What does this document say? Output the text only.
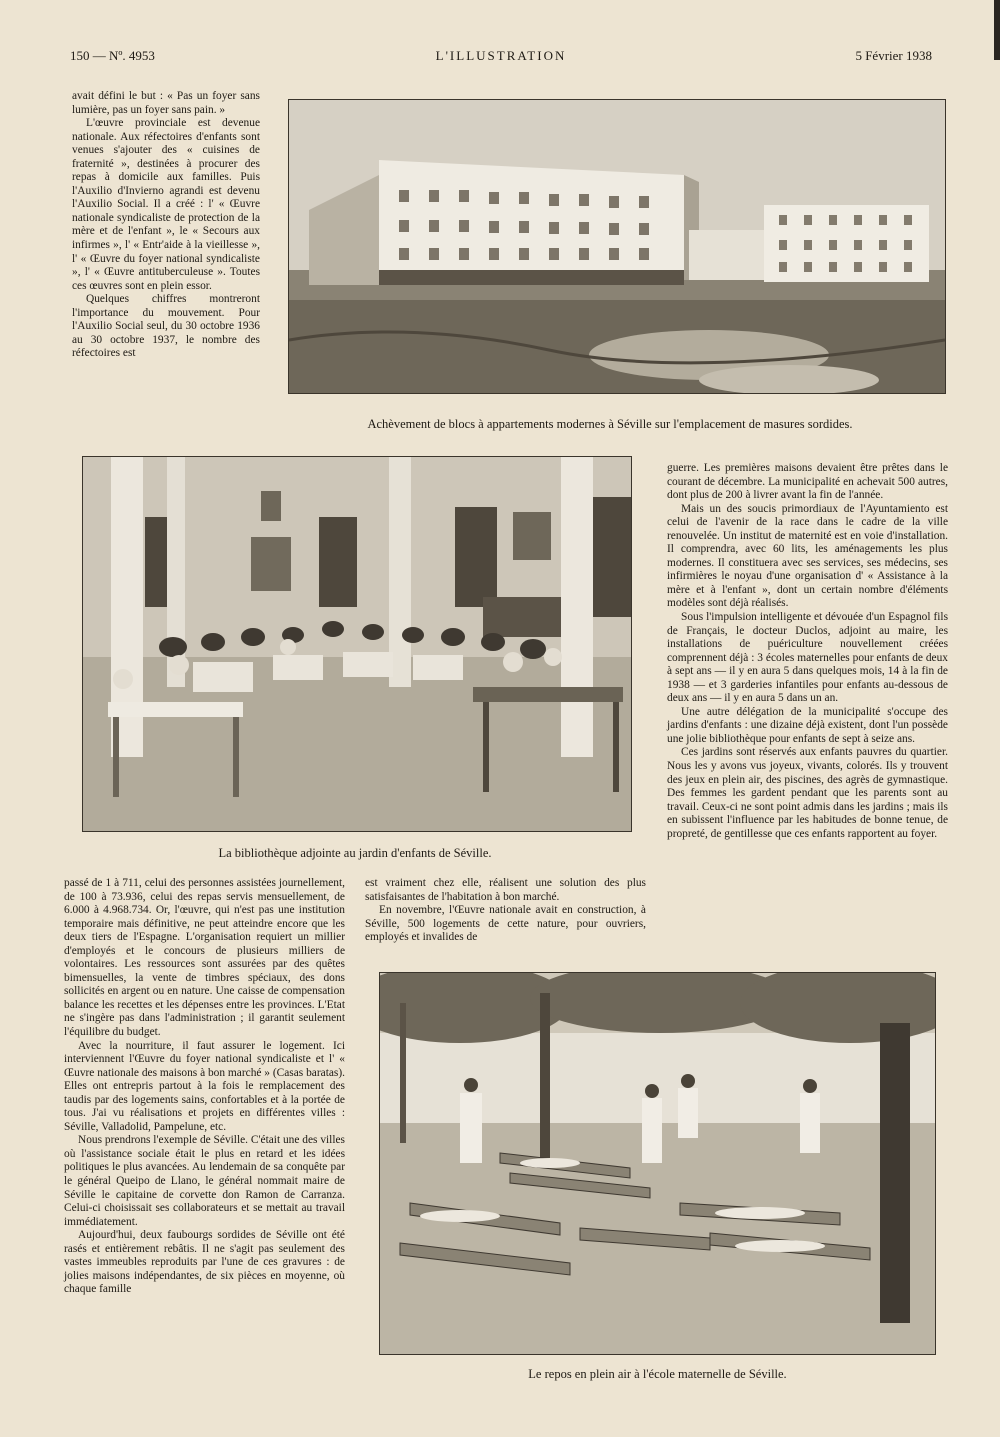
150 — Nº. 4953	L'ILLUSTRATION	5 Février 1938

avait défini le but : « Pas un foyer sans lumière, pas un foyer sans pain. »

L'œuvre provinciale est devenue nationale. Aux réfectoires d'enfants sont venues s'ajouter des « cuisines de fraternité », destinées à procurer des repas à domicile aux familles. Puis l'Auxilio d'Invierno agrandi est devenu l'Auxilio Social. Il a créé : l' « Œuvre nationale syndicaliste de protection de la mère et de l'enfant », le « Secours aux infirmes », l' « Entr'aide à la vieillesse », l' « Œuvre du foyer national syndicaliste », l' « Œuvre antituberculeuse ». Toutes ces œuvres sont en plein essor.

Quelques chiffres montreront l'importance du mouvement. Pour l'Auxilio Social seul, du 30 octobre 1936 au 30 octobre 1937, le nombre des réfectoires est

Achèvement de blocs à appartements modernes à Séville sur l'emplacement de masures sordides.
La bibliothèque adjointe au jardin d'enfants de Séville.

guerre. Les premières maisons devaient être prêtes dans le courant de décembre. La municipalité en achevait 500 autres, dont plus de 200 à livrer avant la fin de l'année.

Mais un des soucis primordiaux de l'Ayuntamiento est celui de l'avenir de la race dans le cadre de la ville renouvelée. Un institut de maternité est en voie d'installation. Il comprendra, avec 60 lits, les aménagements les plus modernes. Il constituera avec ses services, ses médecins, ses infirmières le noyau d'une organisation d' « Assistance à la mère et à l'enfant », dont un certain nombre d'éléments modèles sont déjà réalisés.

Sous l'impulsion intelligente et dévouée d'un Espagnol fils de Français, le docteur Duclos, adjoint au maire, les installations de puériculture nouvellement créées comprennent déjà : 3 écoles maternelles pour enfants de deux à sept ans — il y en aura 5 dans quelques mois, 14 à la fin de 1938 — et 3 garderies infantiles pour enfants au-dessous de deux ans — il y en aura 5 dans un an.

Une autre délégation de la municipalité s'occupe des jardins d'enfants : une dizaine déjà existent, dont l'un possède une jolie bibliothèque pour enfants de sept à seize ans.

Ces jardins sont réservés aux enfants pauvres du quartier. Nous les y avons vus joyeux, vivants, colorés. Ils y trouvent des jeux en plein air, des piscines, des agrès de gymnastique. Des femmes les gardent pendant que les parents sont au travail. Ceux-ci ne sont point admis dans les jardins ; mais ils en subissent l'influence par les habitudes de bonne tenue, de propreté, de gentillesse que ces enfants rapportent au foyer.

passé de 1 à 711, celui des personnes assistées journellement, de 100 à 73.936, celui des repas servis mensuellement, de 6.000 à 4.968.734. Or, l'œuvre, qui n'est pas une institution temporaire mais définitive, ne peut atteindre encore que les deux tiers de l'Espagne. L'organisation requiert un millier d'employés et le concours de plusieurs milliers de volontaires. Les ressources sont assurées par des quêtes bimensuelles, la vente de timbres spéciaux, des dons sollicités en argent ou en nature. Une caisse de compensation balance les recettes et les dépenses entre les provinces. L'Etat ne s'ingère pas dans l'administration ; il garantit seulement l'équilibre du budget.

Avec la nourriture, il faut assurer le logement. Ici interviennent l'Œuvre du foyer national syndicaliste et l' « Œuvre nationale des maisons à bon marché » (Casas baratas). Elles ont entrepris partout à la fois le remplacement des taudis par des logements sains, confortables et à la portée de tous. J'ai vu réalisations et projets en différentes villes : Séville, Valladolid, Pampelune, etc.

Nous prendrons l'exemple de Séville. C'était une des villes où l'assistance sociale était le plus en retard et les idées politiques le plus avancées. Au lendemain de sa conquête par le général Queipo de Llano, le général nommait maire de Séville le capitaine de corvette don Ramon de Carranza. Celui-ci choisissait ses collaborateurs et se mettait au travail immédiatement.

Aujourd'hui, deux faubourgs sordides de Séville ont été rasés et entièrement rebâtis. Il ne s'agit pas seulement des vastes immeubles reproduits par l'une de ces gravures : de jolies maisons indépendantes, de six pièces en moyenne, où chaque famille

est vraiment chez elle, réalisent une solution des plus satisfaisantes de l'habitation à bon marché.

En novembre, l'Œuvre nationale avait en construction, à Séville, 500 logements de cette nature, pour ouvriers, employés et invalides de

Le repos en plein air à l'école maternelle de Séville.
